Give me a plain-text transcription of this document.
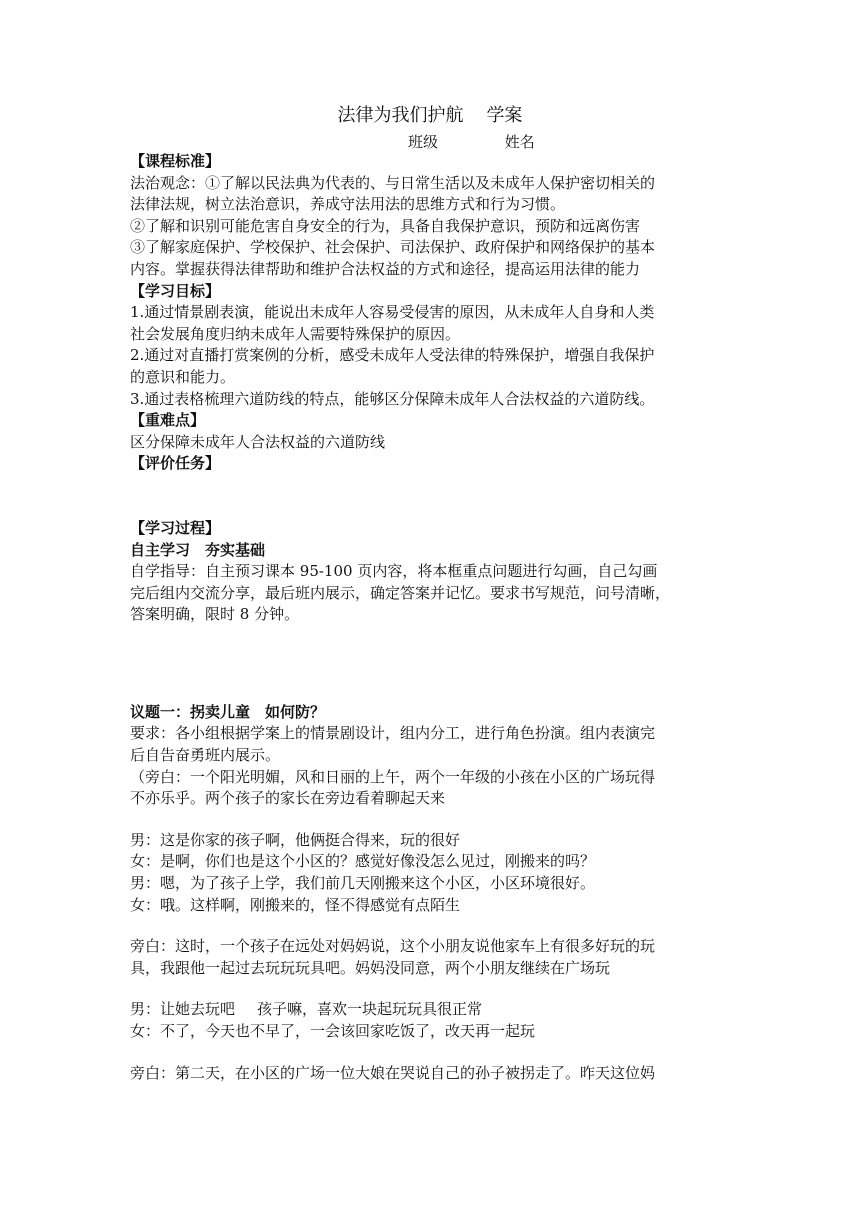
法律为我们护航 学案
班级	姓名

【课程标准】

法治观念：①了解以民法典为代表的、与日常生活以及未成年人保护密切相关的

法律法规，树立法治意识，养成守法用法的思维方式和行为习惯。

②了解和识别可能危害自身安全的行为，具备自我保护意识，预防和远离伤害

③了解家庭保护、学校保护、社会保护、司法保护、政府保护和网络保护的基本

内容。掌握获得法律帮助和维护合法权益的方式和途径，提高运用法律的能力

【学习目标】

1.通过情景剧表演，能说出未成年人容易受侵害的原因，从未成年人自身和人类

社会发展角度归纳未成年人需要特殊保护的原因。

2.通过对直播打赏案例的分析，感受未成年人受法律的特殊保护，增强自我保护

的意识和能力。

3.通过表格梳理六道防线的特点，能够区分保障未成年人合法权益的六道防线。

【重难点】

区分保障未成年人合法权益的六道防线

【评价任务】

【学习过程】

自主学习　夯实基础

自学指导：自主预习课本 95-100 页内容，将本框重点问题进行勾画，自己勾画

完后组内交流分享，最后班内展示，确定答案并记忆。要求书写规范，问号清晰，

答案明确，限时 8 分钟。

议题一：拐卖儿童　如何防？

要求：各小组根据学案上的情景剧设计，组内分工，进行角色扮演。组内表演完

后自告奋勇班内展示。

（旁白：一个阳光明媚，风和日丽的上午，两个一年级的小孩在小区的广场玩得

不亦乐乎。两个孩子的家长在旁边看着聊起天来

男：这是你家的孩子啊，他俩挺合得来，玩的很好

女：是啊，你们也是这个小区的？感觉好像没怎么见过，刚搬来的吗？

男：嗯，为了孩子上学，我们前几天刚搬来这个小区，小区环境很好。

女：哦。这样啊，刚搬来的，怪不得感觉有点陌生

旁白：这时，一个孩子在远处对妈妈说，这个小朋友说他家车上有很多好玩的玩

具，我跟他一起过去玩玩玩具吧。妈妈没同意，两个小朋友继续在广场玩

男：让她去玩吧 孩子嘛，喜欢一块起玩玩具很正常

女：不了，今天也不早了，一会该回家吃饭了，改天再一起玩

旁白：第二天，在小区的广场一位大娘在哭说自己的孙子被拐走了。昨天这位妈
